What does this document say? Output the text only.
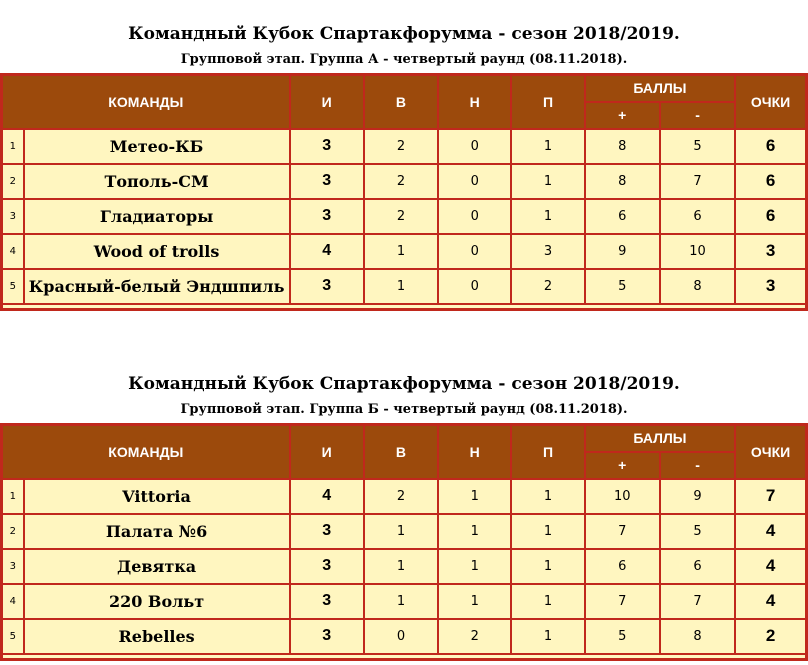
Командный Кубок Спартакфорумма - сезон 2018/2019.
Групповой этап. Группа А - четвертый раунд (08.11.2018).
КОМАНДЫ		И	В	Н	П	БАЛЛЫ		ОЧКИ
						+	-	
1	Метео-КБ	3	2	0	1	8	5	6
2	Тополь-СМ	3	2	0	1	8	7	6
3	Гладиаторы	3	2	0	1	6	6	6
4	Wood of trolls	4	1	0	3	9	10	3
5	Красный-белый Эндшпиль	3	1	0	2	5	8	3

Командный Кубок Спартакфорумма - сезон 2018/2019.
Групповой этап. Группа Б - четвертый раунд (08.11.2018).
КОМАНДЫ		И	В	Н	П	БАЛЛЫ		ОЧКИ
						+	-	
1	Vittoria	4	2	1	1	10	9	7
2	Палата №6	3	1	1	1	7	5	4
3	Девятка	3	1	1	1	6	6	4
4	220 Вольт	3	1	1	1	7	7	4
5	Rebelles	3	0	2	1	5	8	2
